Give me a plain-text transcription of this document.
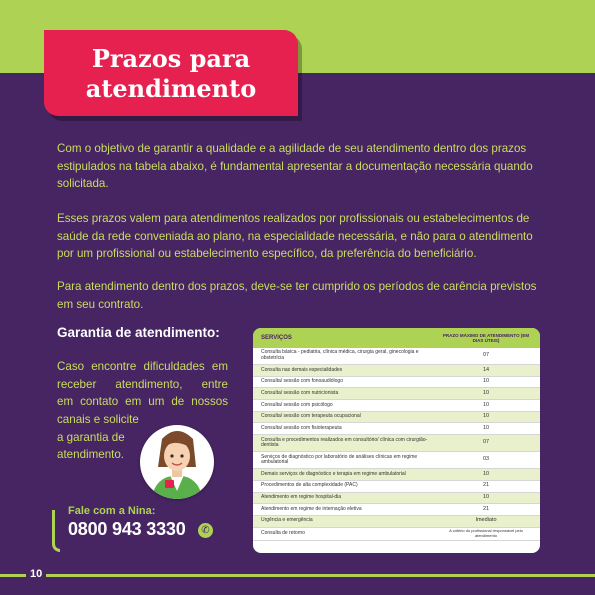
Prazos para
atendimento

Com o objetivo de garantir a qualidade e a agilidade de seu atendimento dentro dos prazos estipulados na tabela abaixo, é fundamental apresentar a documentação necessária quando solicitada.

Esses prazos valem para atendimentos realizados por profissionais ou estabelecimentos de saúde da rede conveniada ao plano, na especialidade necessária, e não para o atendimento por um profissional ou estabelecimento específico, da preferência do beneficiário.

Para atendimento dentro dos prazos, deve-se ter cumprido os períodos de carência previstos em seu contrato.

Garantia de atendimento:
Caso encontre dificuldades em
receber atendimento, entre
em contato em um de nossos
canais e solicite
a garantia de
atendimento.
Fale com a Nina:
0800 943 3330	✆
SERVIÇOS	PRAZO MÁXIMO DE ATENDIMENTO (EM DIAS ÚTEIS)
Consulta básica - pediatria, clínica médica, cirurgia geral, ginecologia e obstetrícia	07
Consulta nas demais especialidades	14
Consulta/ sessão com fonoaudiólogo	10
Consulta/ sessão com nutricionista	10
Consulta/ sessão com psicólogo	10
Consulta/ sessão com terapeuta ocupacional	10
Consulta/ sessão com fisioterapeuta	10
Consulta e procedimentos realizados em consultório/ clínica com cirurgião-dentista	07
Serviços de diagnóstico por laboratório de análises clínicas em regime ambulatorial	03
Demais serviços de diagnóstico e terapia em regime ambulatorial	10
Procedimentos de alta complexidade (PAC)	21
Atendimento em regime hospital-dia	10
Atendimento em regime de internação eletiva	21
Urgência e emergência	Imediato
Consulta de retorno	A critério do profissional responsável pelo atendimento
10
